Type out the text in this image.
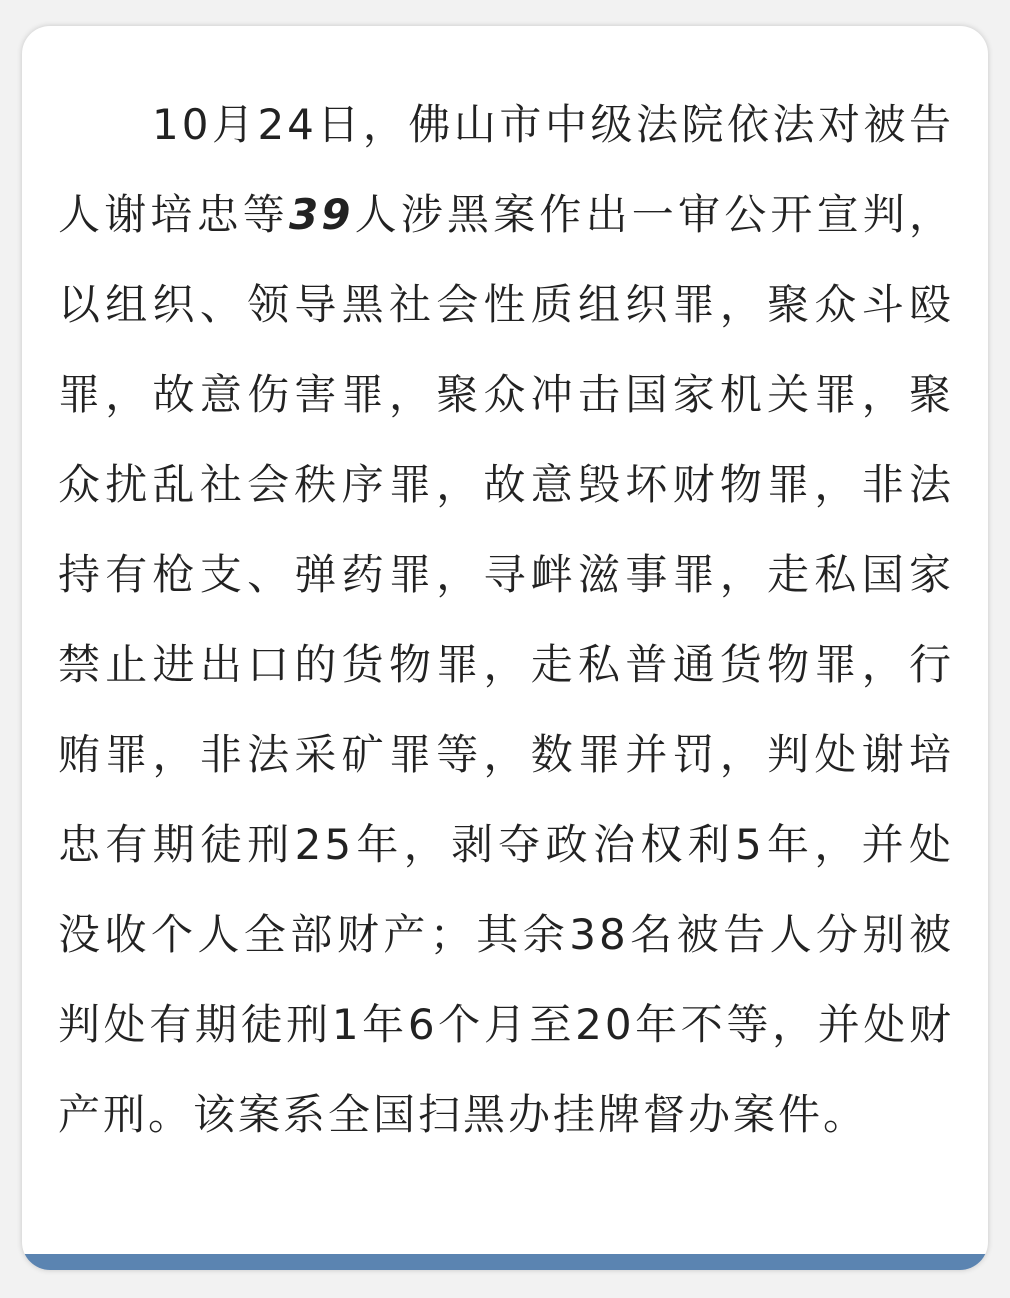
10月24日，佛山市中级法院依法对被告人谢培忠等39人涉黑案作出一审公开宣判，以组织、领导黑社会性质组织罪，聚众斗殴罪，故意伤害罪，聚众冲击国家机关罪，聚众扰乱社会秩序罪，故意毁坏财物罪，非法持有枪支、弹药罪，寻衅滋事罪，走私国家禁止进出口的货物罪，走私普通货物罪，行贿罪，非法采矿罪等，数罪并罚，判处谢培忠有期徒刑25年，剥夺政治权利5年，并处没收个人全部财产；其余38名被告人分别被判处有期徒刑1年6个月至20年不等，并处财产刑。该案系全国扫黑办挂牌督办案件。
